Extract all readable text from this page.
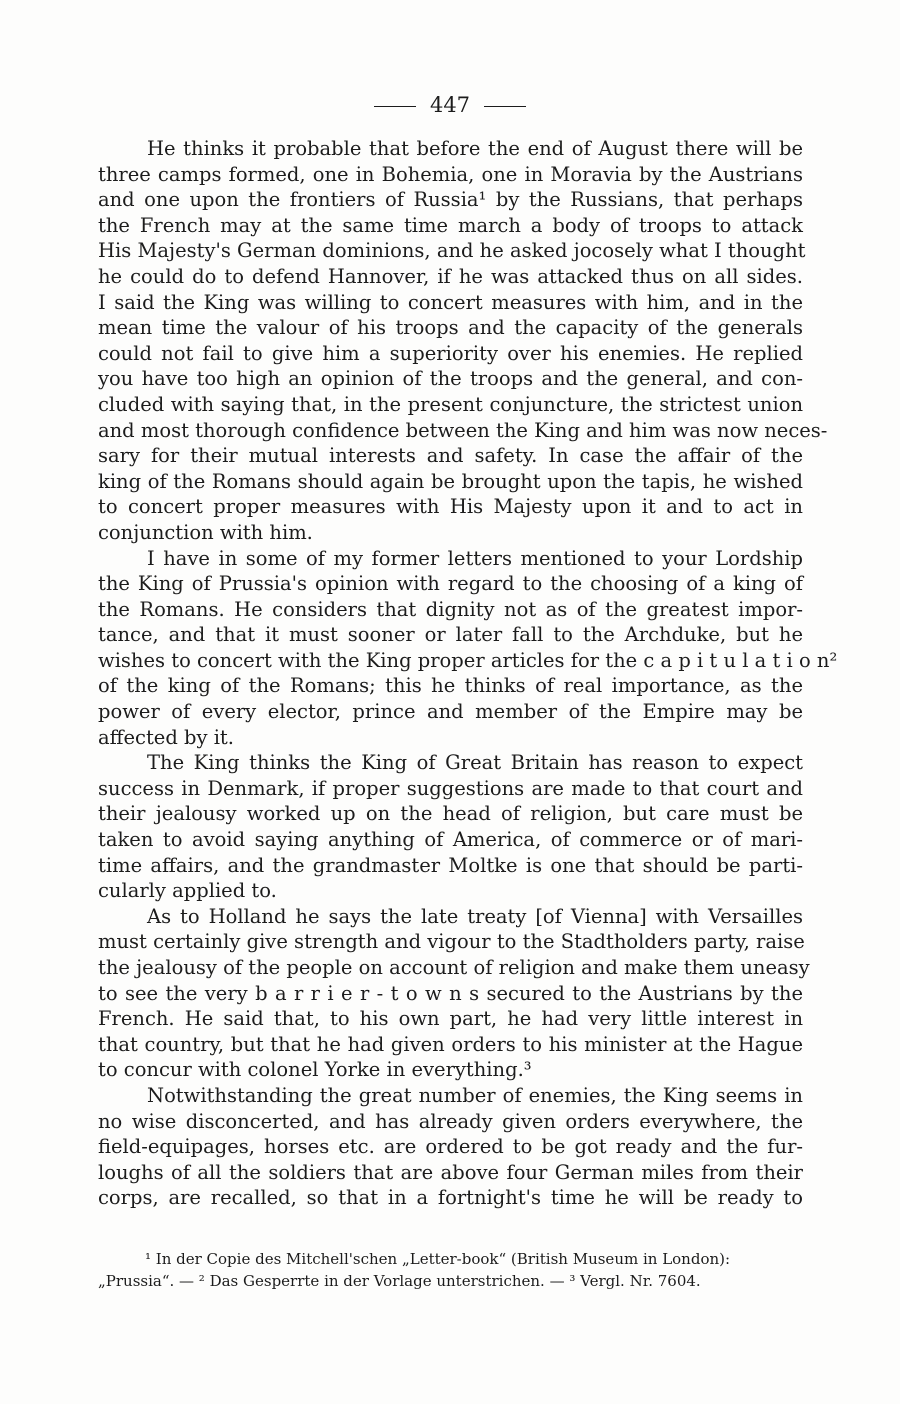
447
He thinks it probable that before the end of August there will be
three camps formed, one in Bohemia, one in Moravia by the Austrians
and one upon the frontiers of Russia¹ by the Russians, that perhaps
the French may at the same time march a body of troops to attack
His Majesty's German dominions, and he asked jocosely what I thought
he could do to defend Hannover, if he was attacked thus on all sides.
I said the King was willing to concert measures with him, and in the
mean time the valour of his troops and the capacity of the generals
could not fail to give him a superiority over his enemies. He replied
you have too high an opinion of the troops and the general, and con-
cluded with saying that, in the present conjuncture, the strictest union
and most thorough confidence between the King and him was now neces-
sary for their mutual interests and safety. In case the affair of the
king of the Romans should again be brought upon the tapis, he wished
to concert proper measures with His Majesty upon it and to act in
conjunction with him.
I have in some of my former letters mentioned to your Lordship
the King of Prussia's opinion with regard to the choosing of a king of
the Romans. He considers that dignity not as of the greatest impor-
tance, and that it must sooner or later fall to the Archduke, but he
wishes to concert with the King proper articles for the c a p i t u l a t i o n²
of the king of the Romans; this he thinks of real importance, as the
power of every elector, prince and member of the Empire may be
affected by it.
The King thinks the King of Great Britain has reason to expect
success in Denmark, if proper suggestions are made to that court and
their jealousy worked up on the head of religion, but care must be
taken to avoid saying anything of America, of commerce or of mari-
time affairs, and the grandmaster Moltke is one that should be parti-
cularly applied to.
As to Holland he says the late treaty [of Vienna] with Versailles
must certainly give strength and vigour to the Stadtholders party, raise
the jealousy of the people on account of religion and make them uneasy
to see the very b a r r i e r - t o w n s secured to the Austrians by the
French. He said that, to his own part, he had very little interest in
that country, but that he had given orders to his minister at the Hague
to concur with colonel Yorke in everything.³
Notwithstanding the great number of enemies, the King seems in
no wise disconcerted, and has already given orders everywhere, the
field-equipages, horses etc. are ordered to be got ready and the fur-
loughs of all the soldiers that are above four German miles from their
corps, are recalled, so that in a fortnight's time he will be ready to
¹ In der Copie des Mitchell'schen „Letter-book“ (British Museum in London):
„Prussia“. — ² Das Gesperrte in der Vorlage unterstrichen. — ³ Vergl. Nr. 7604.
